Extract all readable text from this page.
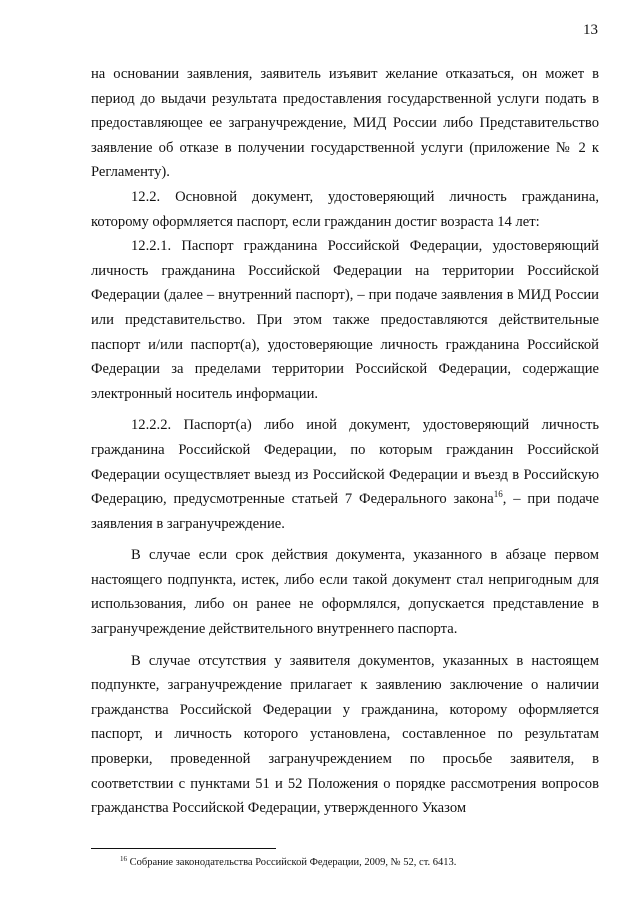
13

на основании заявления, заявитель изъявит желание отказаться, он может в период до выдачи результата предоставления государственной услуги подать в предоставляющее ее загранучреждение, МИД России либо Представительство заявление об отказе в получении государственной услуги (приложение № 2 к Регламенту).

12.2. Основной документ, удостоверяющий личность гражданина, которому оформляется паспорт, если гражданин достиг возраста 14 лет:

12.2.1. Паспорт гражданина Российской Федерации, удостоверяющий личность гражданина Российской Федерации на территории Российской Федерации (далее – внутренний паспорт), – при подаче заявления в МИД России или представительство. При этом также предоставляются действительные паспорт и/или паспорт(а), удостоверяющие личность гражданина Российской Федерации за пределами территории Российской Федерации, содержащие электронный носитель информации.

12.2.2. Паспорт(а) либо иной документ, удостоверяющий личность гражданина Российской Федерации, по которым гражданин Российской Федерации осуществляет выезд из Российской Федерации и въезд в Российскую Федерацию, предусмотренные статьей 7 Федерального закона$^{16}$, – при подаче заявления в загранучреждение.

В случае если срок действия документа, указанного в абзаце первом настоящего подпункта, истек, либо если такой документ стал непригодным для использования, либо он ранее не оформлялся, допускается представление в загранучреждение действительного внутреннего паспорта.

В случае отсутствия у заявителя документов, указанных в настоящем подпункте, загранучреждение прилагает к заявлению заключение о наличии гражданства Российской Федерации у гражданина, которому оформляется паспорт, и личность которого установлена, составленное по результатам проверки, проведенной загранучреждением по просьбе заявителя, в соответствии с пунктами 51 и 52 Положения о порядке рассмотрения вопросов гражданства Российской Федерации, утвержденного Указом

$^{16}$ Собрание законодательства Российской Федерации, 2009, № 52, ст. 6413.
